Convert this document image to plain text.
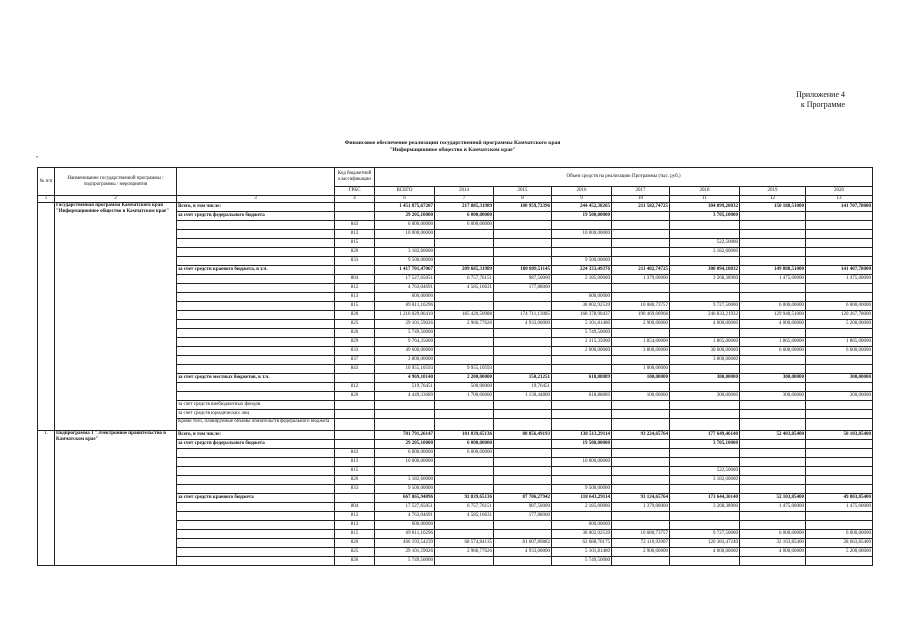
Приложение 4
к Программе
Финансовое обеспечение реализации государственной программы Камчатского края
"Информационное общество в Камчатском крае"
"
№ п/п	Наименование государственной программы / подпрограммы / мероприятия		Код бюджетной классификации	Объем средств на реализацию Программы (тыс. руб.)							
			ГРБС	ВСЕГО	2014	2015	2016	2017	2018	2019	2020
1	2	3	4	6	7	8	9	10	11	12	13
	Государственная программа Камчатского края "Информационное общество в Камчатском крае"	Всего, в том числе:		1 451 875,67207	217 885,31989	180 959,72396	244 452,38265	211 582,74725	304 099,20832	150 188,51000	141 707,78000
		за счет средств федерального бюджета		29 205,10000	6 000,00000		19 500,00000		3 705,10000		
			843	6 000,00000	6 000,00000						
			813	10 000,00000			10 000,00000				
			815						522,50000		
			820	3 182,60000					3 182,60000		
			833	9 500,00000			9 500,00000				
		за счет средств краевого бюджета, в т.ч.		1 417 701,47067	209 685,31989	180 809,51145	224 333,49376	211 482,74725	300 094,10832	149 888,51000	141 407,78000
			804	17 527,65051	6 757,76151	987,50000	2 185,00000	1 379,00000	3 268,38900	1 475,00000	1 475,00000
			812	4 763,04691	4 585,16631	177,88060					
			813	600,00000			600,00000				
			815	69 811,16296			38 002,92539	10 080,73757	9 727,50000	6 000,00000	6 000,00000
			820	1 216 029,06410	185 420,50988	174 711,13085	168 378,90437	190 469,00968	246 833,21932	129 948,51000	120 267,78000
			825	29 101,59026	2 966,77626	4 933,00000	5 101,81400	2 900,00000	4 000,00000	4 000,00000	5 200,00000
			826	5 749,50000			5 749,50000				
			829	9 764,35000			2 315,35000	1 854,00000	1 865,00000	1 865,00000	1 865,00000
			833	49 600,00000			2 000,00000	3 800,00000	30 600,00000	6 600,00000	6 600,00000
			837	3 800,00000					3 800,00000		
			843	10 955,10593	9 955,10593			1 000,00000			
		за счет средств местных бюджетов, в т.ч.		4 969,10140	2 200,00000	150,21251	618,88889	100,00000	300,00000	300,00000	300,00000
			812	519,76451	500,00000	19,76451					
			820	4 449,33689	1 700,00000	1 130,44800	618,88889	100,00000	300,00000	300,00000	300,00000
		за счет средств внебюджетных фондов									
		за счет средств юридических лиц									
		Кроме того, планируемые объемы обязательств федерального бюджета									
1.	Подпрограмма 1 "Электронное правительство в Камчатском крае"	Всего, в том числе:		701 791,26147	101 039,65136	88 856,49193	138 513,29114	93 224,65764	177 649,46140	52 403,85400	50 103,85400
		за счет средств федерального бюджета		29 205,10000	6 000,00000		19 500,00000		3 705,10000		
			843	6 000,00000	6 000,00000						
			813	10 000,00000			10 000,00000				
			815						522,50000		
			820	3 182,60000					3 182,60000		
			833	9 500,00000			9 500,00000				
		за счет средств краевого бюджета		667 865,94896	92 839,65136	87 706,27942	118 643,29114	93 124,65764	173 644,36140	52 103,85400	49 803,85400
			804	17 527,65051	6 757,76151	987,50000	2 185,00000	1 379,00000	3 268,38900	1 475,00000	1 475,00000
			812	4 763,04691	4 585,16631	177,88060					
			813	600,00000			600,00000				
			815	69 811,16296			38 002,92539	10 080,73757	9 727,50000	6 000,00000	6 000,00000
			820	466 193,54239	68 574,84135	81 607,89882	62 688,70175	72 110,92007	120 383,47240	32 163,85400	28 663,85400
			825	29 101,59026	2 966,77626	4 933,00000	5 101,81400	2 900,00000	4 000,00000	4 000,00000	5 200,00000
			826	5 749,50000			5 749,50000				
